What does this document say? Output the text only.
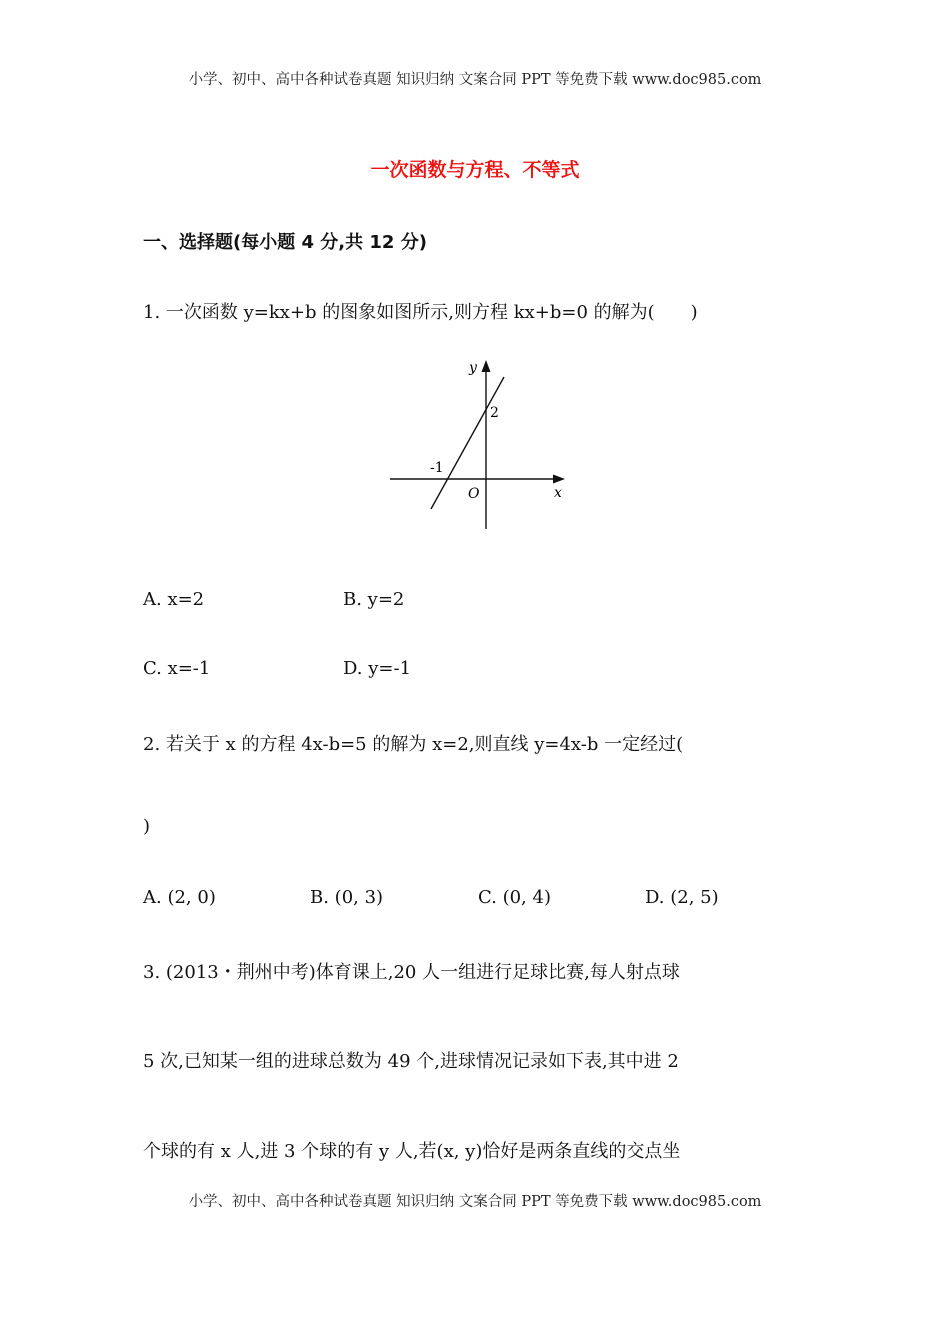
小学、初中、高中各种试卷真题 知识归纳 文案合同 PPT 等免费下载 www.doc985.com
一次函数与方程、不等式
一、选择题(每小题 4 分,共 12 分)
1. 一次函数 y=kx+b 的图象如图所示,则方程 kx+b=0 的解为(　　)
y
x
O
2
-1
A. x=2	B. y=2
C. x=-1	D. y=-1
2. 若关于 x 的方程 4x-b=5 的解为 x=2,则直线 y=4x-b 一定经过(
)
A. (2, 0)	B. (0, 3)	C. (0, 4)	D. (2, 5)
3. (2013・荆州中考)体育课上,20 人一组进行足球比赛,每人射点球
5 次,已知某一组的进球总数为 49 个,进球情况记录如下表,其中进 2
个球的有 x 人,进 3 个球的有 y 人,若(x, y)恰好是两条直线的交点坐
小学、初中、高中各种试卷真题 知识归纳 文案合同 PPT 等免费下载 www.doc985.com
